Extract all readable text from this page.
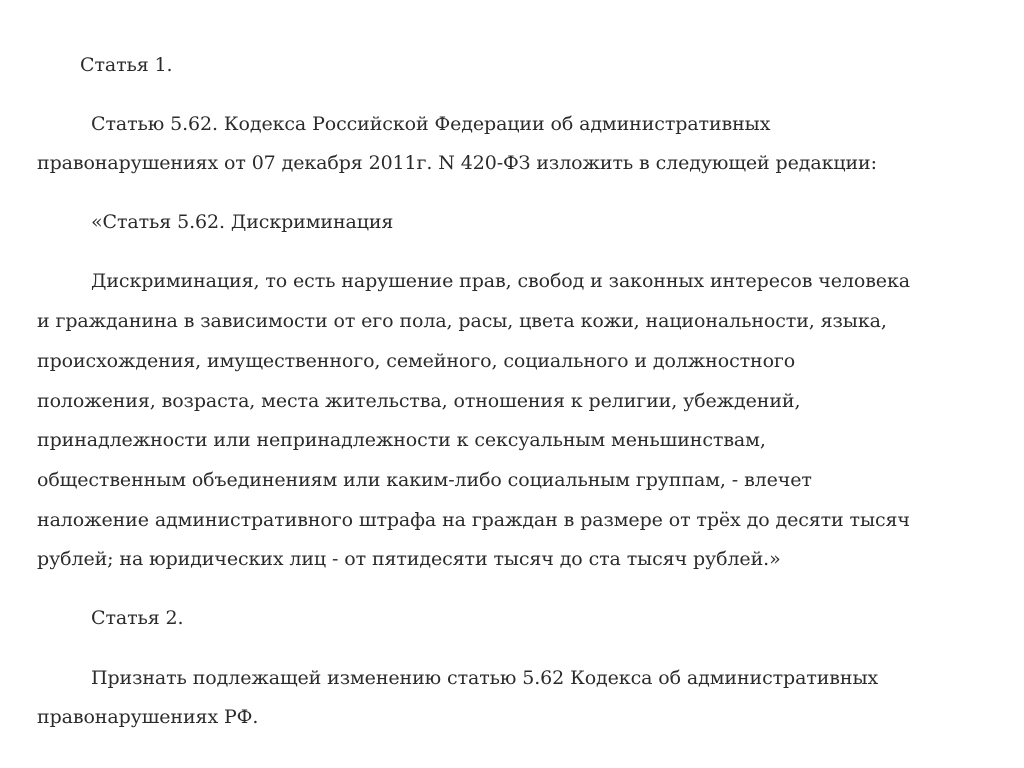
Статья 1.
Статью 5.62. Кодекса Российской Федерации об административных
правонарушениях от 07 декабря 2011г. N 420-ФЗ изложить в следующей редакции:
«Статья 5.62. Дискриминация
Дискриминация, то есть нарушение прав, свобод и законных интересов человека
и гражданина в зависимости от его пола, расы, цвета кожи, национальности, языка,
происхождения, имущественного, семейного, социального и должностного
положения, возраста, места жительства, отношения к религии, убеждений,
принадлежности или непринадлежности к сексуальным меньшинствам,
общественным объединениям или каким-либо социальным группам, - влечет
наложение административного штрафа на граждан в размере от трёх до десяти тысяч
рублей; на юридических лиц - от пятидесяти тысяч до ста тысяч рублей.»
Статья 2.
Признать подлежащей изменению статью 5.62 Кодекса об административных
правонарушениях РФ.
